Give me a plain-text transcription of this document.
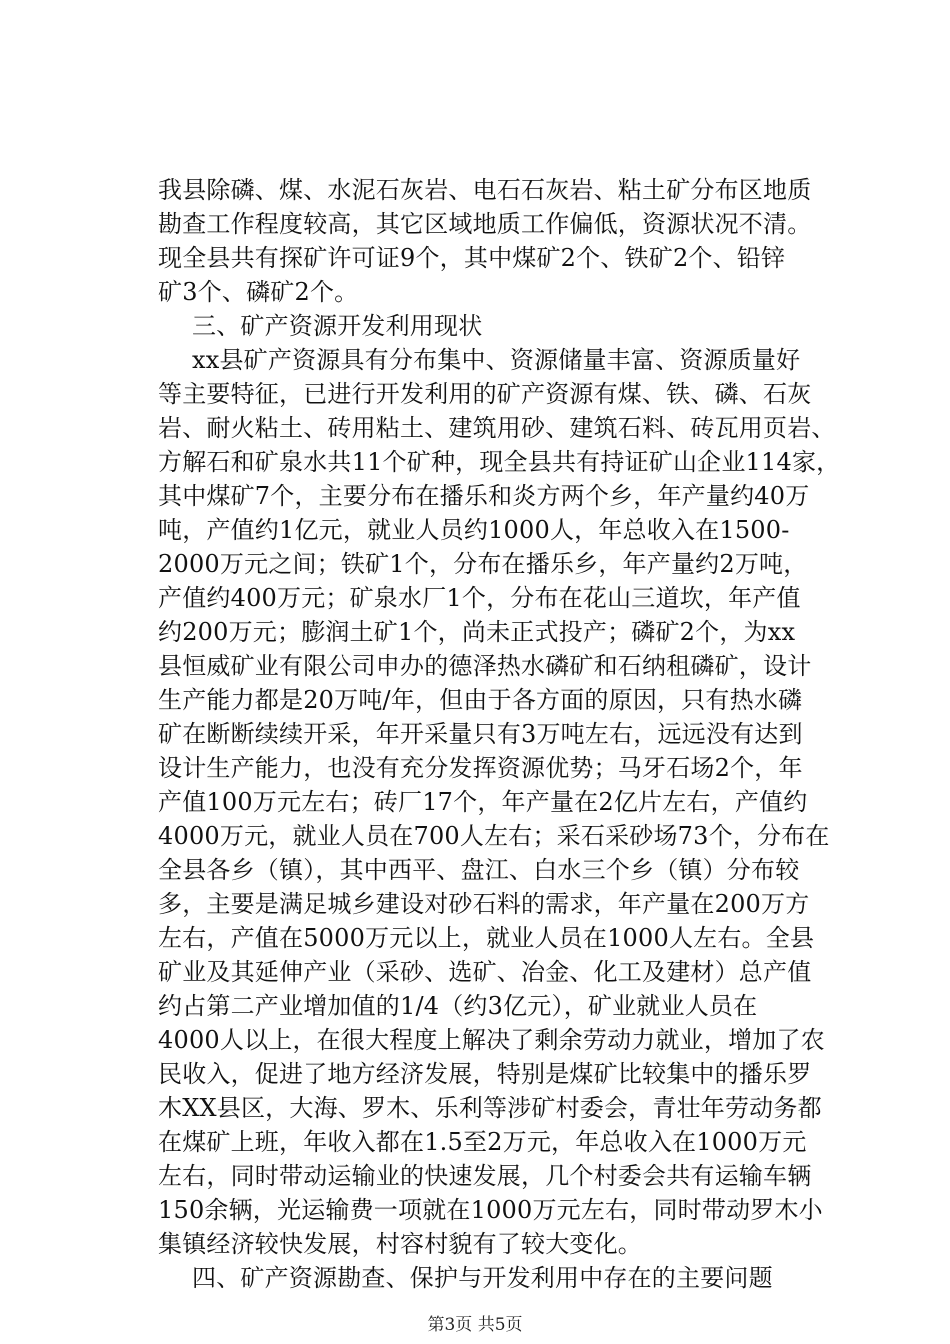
我县除磷、煤、水泥石灰岩、电石石灰岩、粘土矿分布区地质
勘查工作程度较高，其它区域地质工作偏低，资源状况不清。
现全县共有探矿许可证9个，其中煤矿2个、铁矿2个、铅锌
矿3个、磷矿2个。
三、矿产资源开发利用现状
xx县矿产资源具有分布集中、资源储量丰富、资源质量好
等主要特征，已进行开发利用的矿产资源有煤、铁、磷、石灰
岩、耐火粘土、砖用粘土、建筑用砂、建筑石料、砖瓦用页岩、
方解石和矿泉水共11个矿种，现全县共有持证矿山企业114家，
其中煤矿7个，主要分布在播乐和炎方两个乡，年产量约40万
吨，产值约1亿元，就业人员约1000人，年总收入在1500-
2000万元之间；铁矿1个，分布在播乐乡，年产量约2万吨，
产值约400万元；矿泉水厂1个，分布在花山三道坎，年产值
约200万元；膨润土矿1个，尚未正式投产；磷矿2个，为xx
县恒威矿业有限公司申办的德泽热水磷矿和石纳租磷矿，设计
生产能力都是20万吨/年，但由于各方面的原因，只有热水磷
矿在断断续续开采，年开采量只有3万吨左右，远远没有达到
设计生产能力，也没有充分发挥资源优势；马牙石场2个，年
产值100万元左右；砖厂17个，年产量在2亿片左右，产值约
4000万元，就业人员在700人左右；采石采砂场73个，分布在
全县各乡（镇），其中西平、盘江、白水三个乡（镇）分布较
多，主要是满足城乡建设对砂石料的需求，年产量在200万方
左右，产值在5000万元以上，就业人员在1000人左右。全县
矿业及其延伸产业（采砂、选矿、冶金、化工及建材）总产值
约占第二产业增加值的1/4（约3亿元），矿业就业人员在
4000人以上，在很大程度上解决了剩余劳动力就业，增加了农
民收入，促进了地方经济发展，特别是煤矿比较集中的播乐罗
木XX县区，大海、罗木、乐利等涉矿村委会，青壮年劳动务都
在煤矿上班，年收入都在1.5至2万元，年总收入在1000万元
左右，同时带动运输业的快速发展，几个村委会共有运输车辆
150余辆，光运输费一项就在1000万元左右，同时带动罗木小
集镇经济较快发展，村容村貌有了较大变化。
四、矿产资源勘查、保护与开发利用中存在的主要问题
第3页 共5页
